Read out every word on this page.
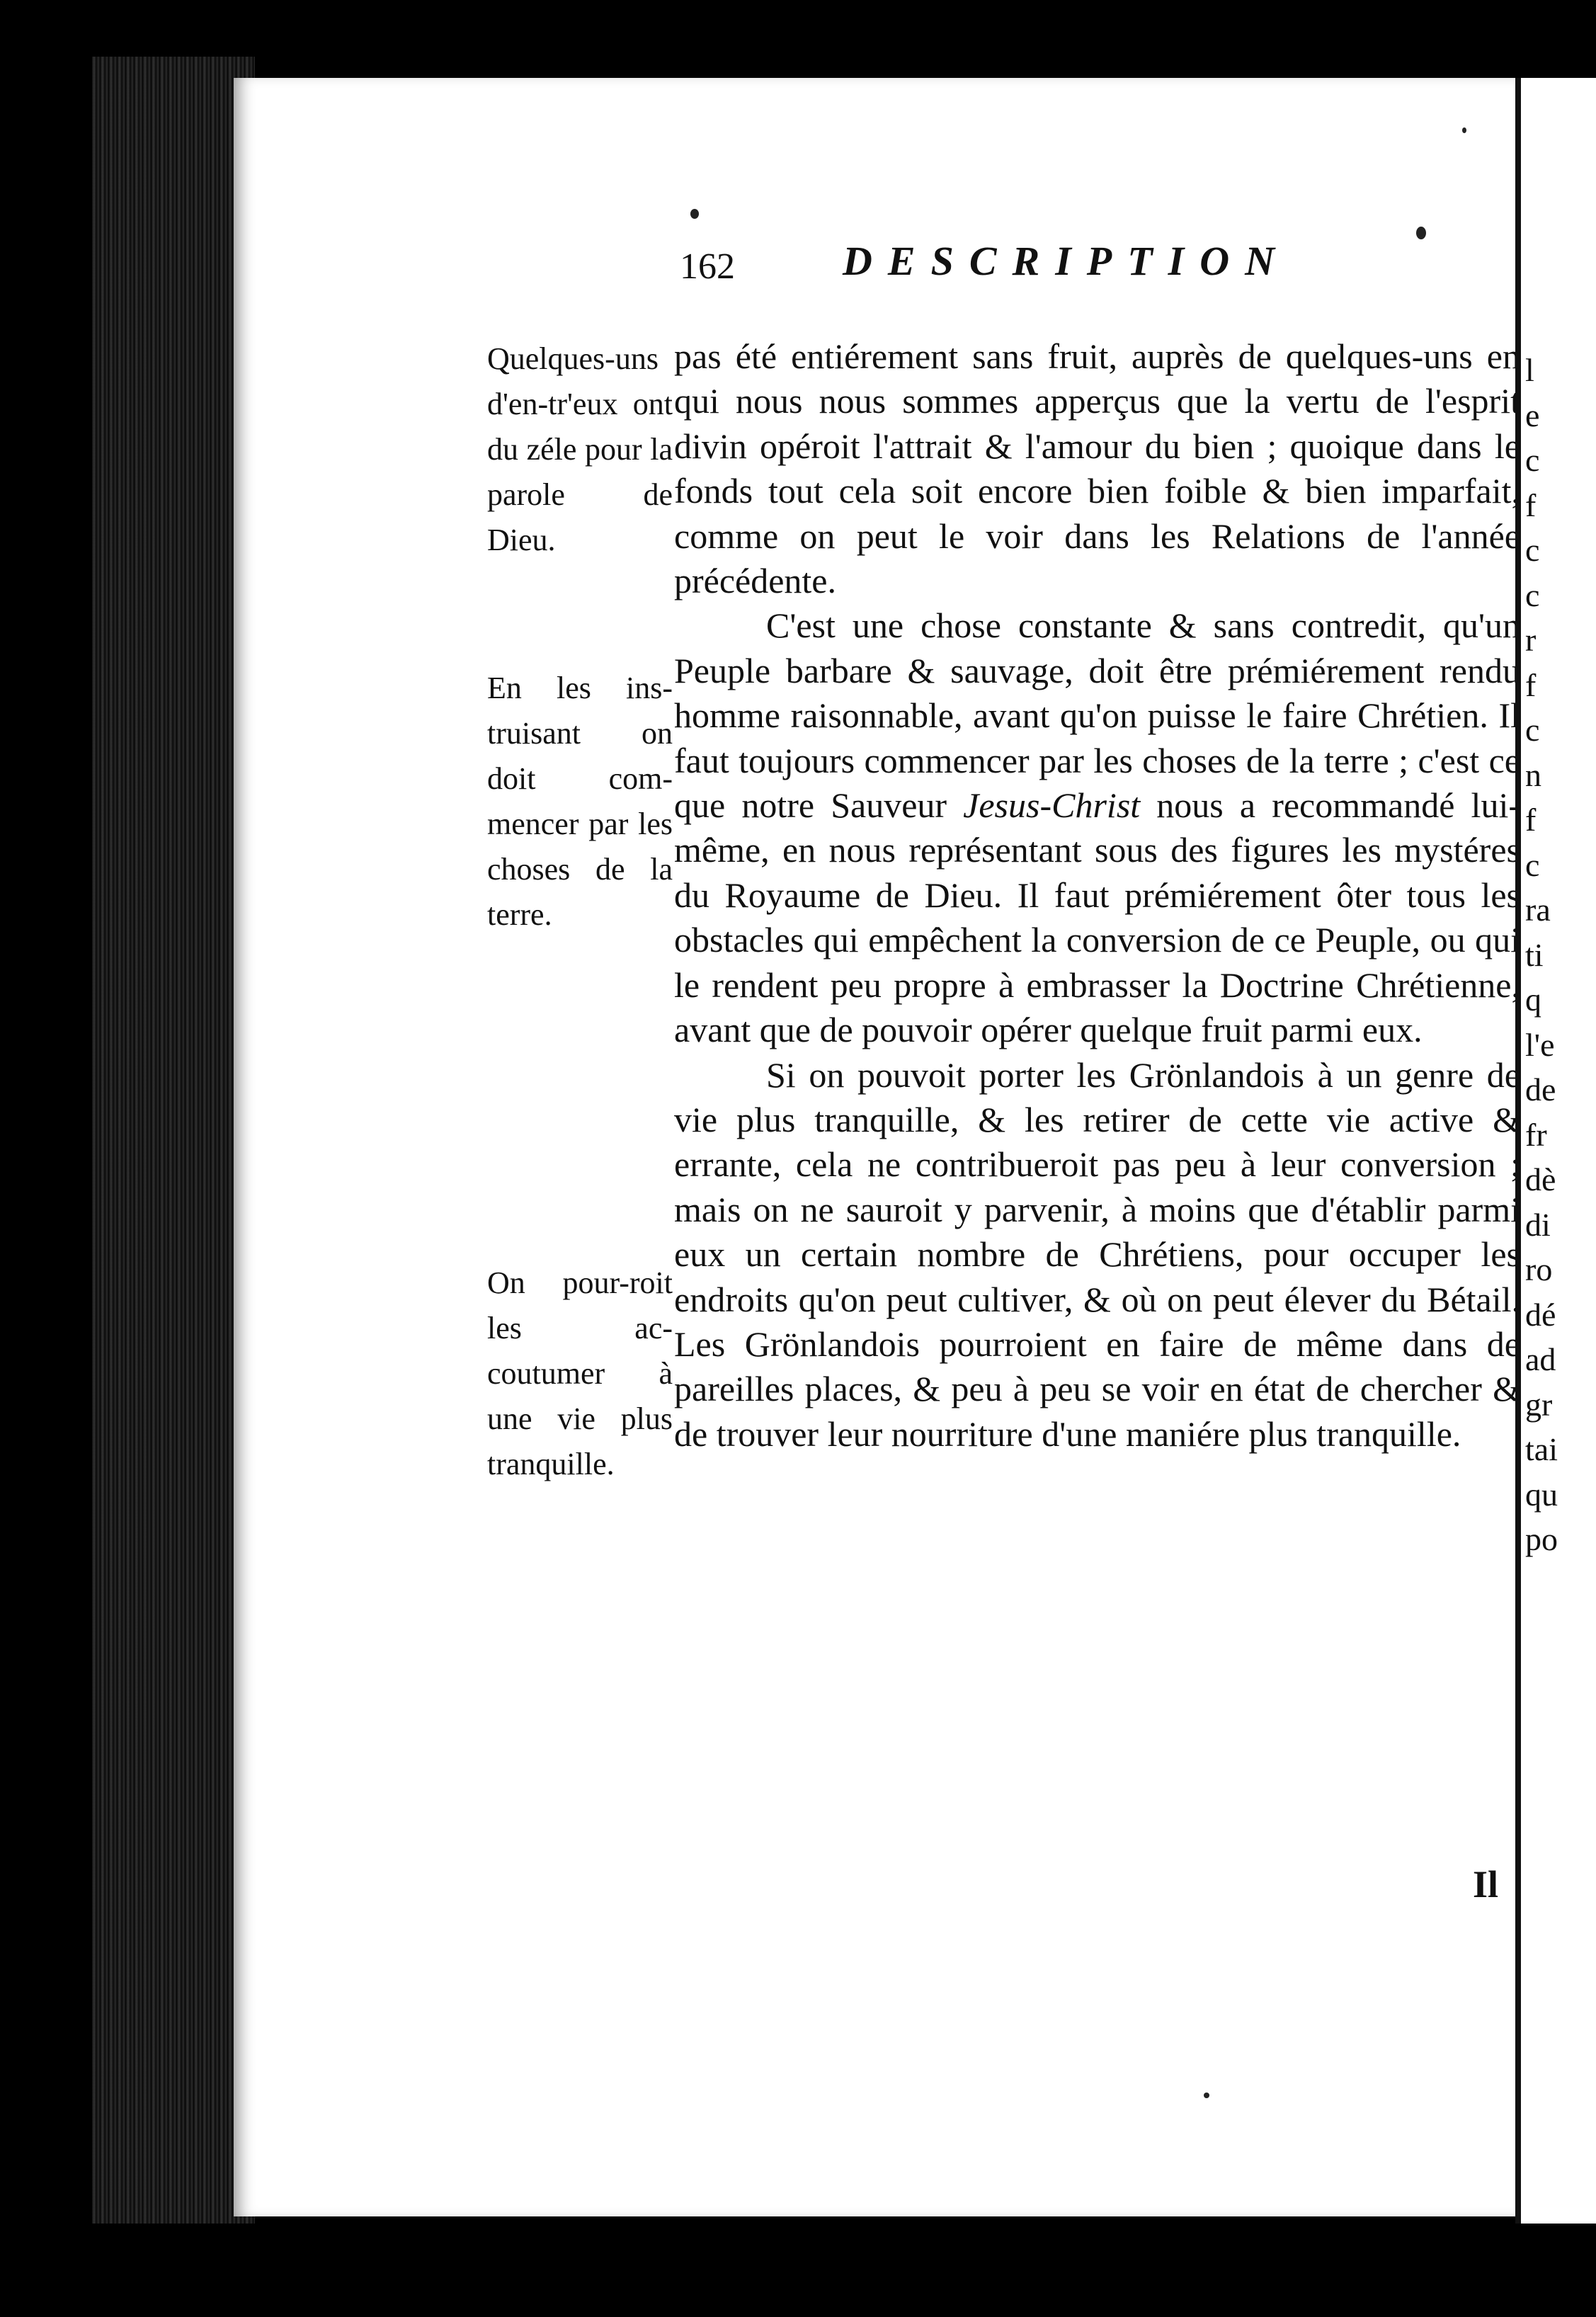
l
e
c
f
c
c
r
f
c
n
f
c
ra
ti
q
l'e
de
fr
dè
di
ro
dé
ad
gr
tai
qu
po
162	DESCRIPTION
Quelques-uns d'en-tr'eux ont du zéle pour la parole de Dieu.
En les ins-truisant on doit com-mencer par les choses de la terre.
On pour-roit les ac-coutumer à une vie plus tranquille.

pas été entiérement sans fruit, auprès de quelques-uns en qui nous nous sommes apperçus que la vertu de l'esprit divin opéroit l'attrait & l'amour du bien ; quoique dans le fonds tout cela soit encore bien foible & bien imparfait, comme on peut le voir dans les Relations de l'année précédente.

C'est une chose constante & sans contredit, qu'un Peuple barbare & sauvage, doit être prémiérement rendu homme raisonnable, avant qu'on puisse le faire Chrétien. Il faut toujours commencer par les choses de la terre ; c'est ce que notre Sauveur Jesus-Christ nous a recommandé lui-même, en nous représentant sous des figures les mystéres du Royaume de Dieu. Il faut prémiérement ôter tous les obstacles qui empêchent la conversion de ce Peuple, ou qui le rendent peu propre à embrasser la Doctrine Chrétienne, avant que de pouvoir opérer quelque fruit parmi eux.

Si on pouvoit porter les Grönlandois à un genre de vie plus tranquille, & les retirer de cette vie active & errante, cela ne contribueroit pas peu à leur conversion ; mais on ne sauroit y parvenir, à moins que d'établir parmi eux un certain nombre de Chrétiens, pour occuper les endroits qu'on peut cultiver, & où on peut élever du Bétail. Les Grönlandois pourroient en faire de même dans de pareilles places, & peu à peu se voir en état de chercher & de trouver leur nourriture d'une maniére plus tranquille.

Il
